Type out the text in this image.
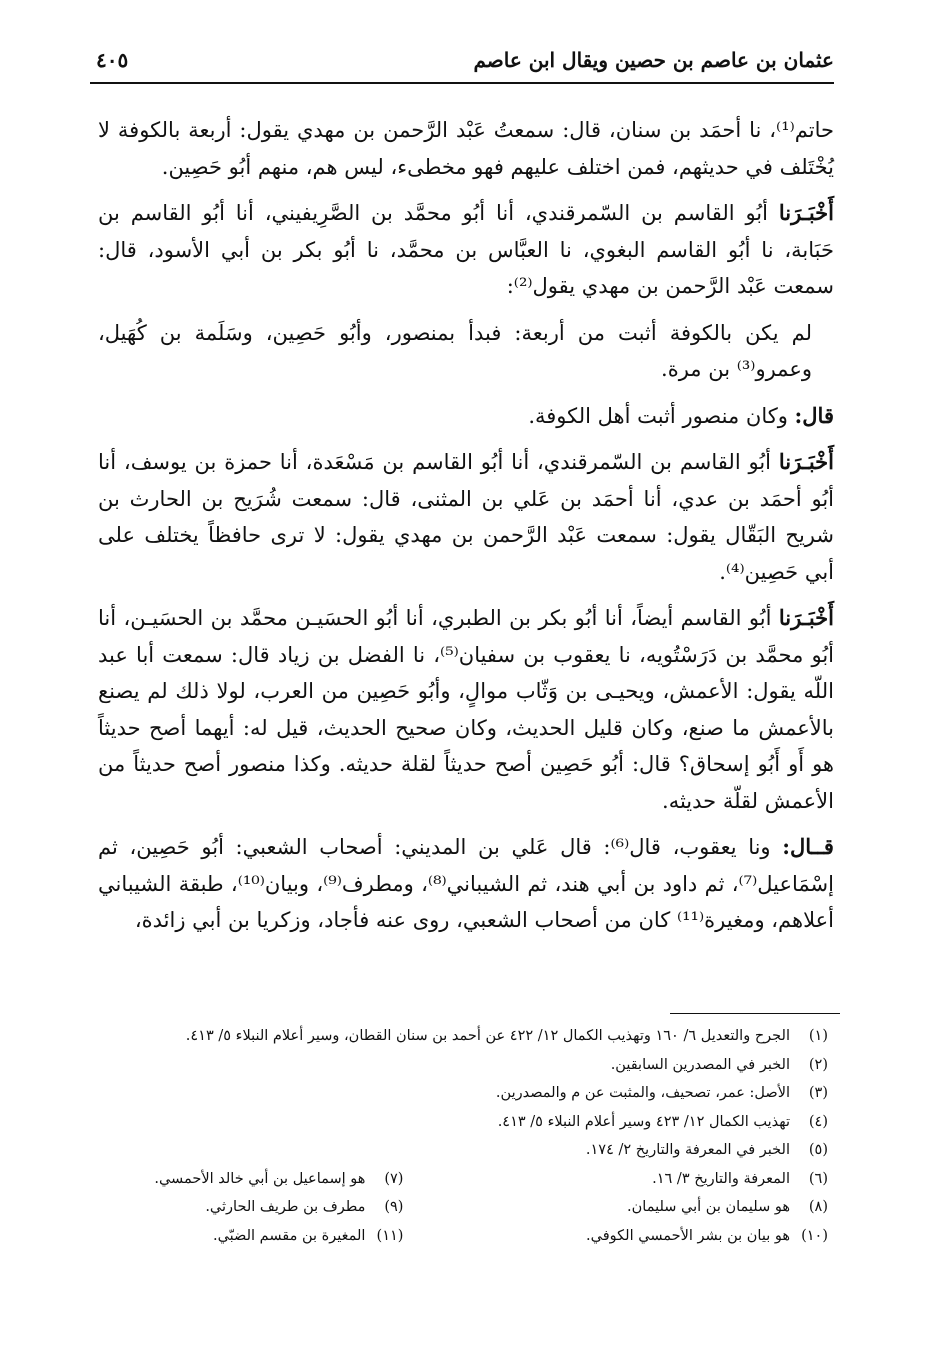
عثمان بن عاصم بن حصين ويقال ابن عاصم
٤٠٥

حاتم⁽¹⁾، نا أحمَد بن سنان، قال: سمعتُ عَبْد الرَّحمن بن مهدي يقول: أربعة بالكوفة لا يُخْتَلف في حديثهم، فمن اختلف عليهم فهو مخطىء، ليس هم، منهم أبُو حَصِين.

أَخْبَـرَنا أبُو القاسم بن السّمرقندي، أنا أبُو محمَّد بن الصَّرِيفيني، أنا أبُو القاسم بن حَبَابة، نا أبُو القاسم البغوي، نا العبَّاس بن محمَّد، نا أبُو بكر بن أبي الأسود، قال: سمعت عَبْد الرَّحمن بن مهدي يقول⁽²⁾:

لم يكن بالكوفة أثبت من أربعة: فبدأ بمنصور، وأبُو حَصِين، وسَلَمة بن كُهَيل، وعمرو⁽³⁾ بن مرة.

قال: وكان منصور أثبت أهل الكوفة.

أَخْبَـرَنا أبُو القاسم بن السّمرقندي، أنا أبُو القاسم بن مَسْعَدة، أنا حمزة بن يوسف، أنا أبُو أحمَد بن عدي، أنا أحمَد بن عَلي بن المثنى، قال: سمعت شُرَيح بن الحارث بن شريح البَقّال يقول: سمعت عَبْد الرَّحمن بن مهدي يقول: لا ترى حافظاً يختلف على أبي حَصِين⁽⁴⁾.

أَخْبَـرَنا أبُو القاسم أيضاً، أنا أبُو بكر بن الطبري، أنا أبُو الحسَيـن محمَّد بن الحسَيـن، أنا أبُو محمَّد بن دَرَسْتُويه، نا يعقوب بن سفيان⁽⁵⁾، نا الفضل بن زياد قال: سمعت أبا عبد اللّه يقول: الأعمش، ويحيـى بن وَثّاب موالٍ، وأبُو حَصِين من العرب، لولا ذلك لم يصنع بالأعمش ما صنع، وكان قليل الحديث، وكان صحيح الحديث، قيل له: أيهما أصح حديثاً هو أَو أَبُو إسحاق؟ قال: أبُو حَصِين أصح حديثاً لقلة حديثه. وكذا منصور أصح حديثاً من الأعمش لقلّة حديثه.

قــال: ونا يعقوب، قال⁽⁶⁾: قال عَلي بن المديني: أصحاب الشعبي: أبُو حَصِين، ثم إسْمَاعيل⁽⁷⁾، ثم داود بن أبي هند، ثم الشيباني⁽⁸⁾، ومطرف⁽⁹⁾، وبيان⁽¹⁰⁾، طبقة الشيباني أعلاهم، ومغيرة⁽¹¹⁾ كان من أصحاب الشعبي، روى عنه فأجاد، وزكريا بن أبي زائدة،

(١)الجرح والتعديل ٦/ ١٦٠ وتهذيب الكمال ١٢/ ٤٢٢ عن أحمد بن سنان القطان، وسير أعلام النبلاء ٥/ ٤١٣.
(٢)الخبر في المصدرين السابقين.
(٣)الأصل: عمر، تصحيف، والمثبت عن م والمصدرين.
(٤)تهذيب الكمال ١٢/ ٤٢٣ وسير أعلام النبلاء ٥/ ٤١٣.
(٥)الخبر في المعرفة والتاريخ ٢/ ١٧٤.
(٦)المعرفة والتاريخ ٣/ ١٦.
(٧)هو إسماعيل بن أبي خالد الأحمسي.
(٨)هو سليمان بن أبي سليمان.
(٩)مطرف بن طريف الحارثي.
(١٠)هو بيان بن بشر الأحمسي الكوفي.
(١١)المغيرة بن مقسم الضبّي.
